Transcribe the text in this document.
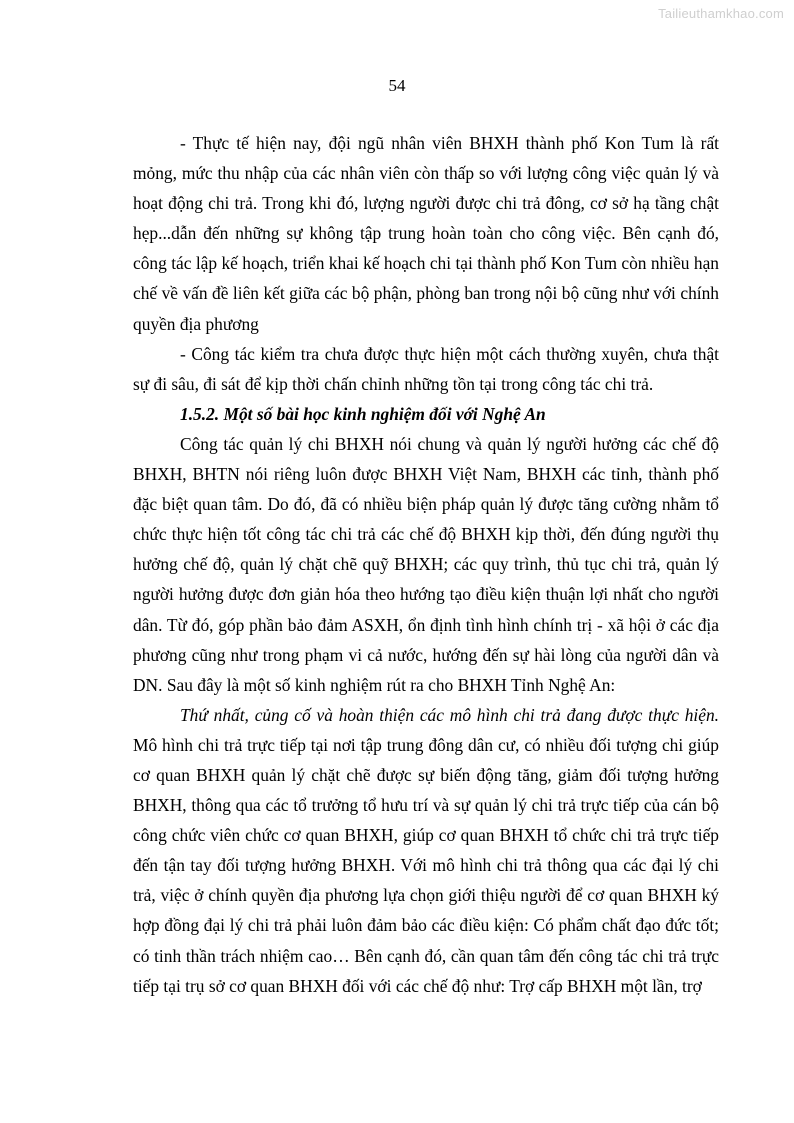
Tailieuthamkhao.com
54

- Thực tế hiện nay, đội ngũ nhân viên BHXH thành phố Kon Tum là rất mỏng, mức thu nhập của các nhân viên còn thấp so với lượng công việc quản lý và hoạt động chi trả. Trong khi đó, lượng người được chi trả đông, cơ sở hạ tầng chật hẹp...dẫn đến những sự không tập trung hoàn toàn cho công việc. Bên cạnh đó, công tác lập kế hoạch, triển khai kế hoạch chi tại thành phố Kon Tum còn nhiều hạn chế về vấn đề liên kết giữa các bộ phận, phòng ban trong nội bộ cũng như với chính quyền địa phương

- Công tác kiểm tra chưa được thực hiện một cách thường xuyên, chưa thật sự đi sâu, đi sát để kịp thời chấn chỉnh những tồn tại trong công tác chi trả.

1.5.2. Một số bài học kinh nghiệm đối với Nghệ An

Công tác quản lý chi BHXH nói chung và quản lý người hưởng các chế độ BHXH, BHTN nói riêng luôn được BHXH Việt Nam, BHXH các tỉnh, thành phố đặc biệt quan tâm. Do đó, đã có nhiều biện pháp quản lý được tăng cường nhằm tổ chức thực hiện tốt công tác chi trả các chế độ BHXH kịp thời, đến đúng người thụ hưởng chế độ, quản lý chặt chẽ quỹ BHXH; các quy trình, thủ tục chi trả, quản lý người hưởng được đơn giản hóa theo hướng tạo điều kiện thuận lợi nhất cho người dân. Từ đó, góp phần bảo đảm ASXH, ổn định tình hình chính trị - xã hội ở các địa phương cũng như trong phạm vi cả nước, hướng đến sự hài lòng của người dân và DN. Sau đây là một số kinh nghiệm rút ra cho BHXH Tỉnh Nghệ An:

Thứ nhất, củng cố và hoàn thiện các mô hình chi trả đang được thực hiện. Mô hình chi trả trực tiếp tại nơi tập trung đông dân cư, có nhiều đối tượng chi giúp cơ quan BHXH quản lý chặt chẽ được sự biến động tăng, giảm đối tượng hưởng BHXH, thông qua các tổ trưởng tổ hưu trí và sự quản lý chi trả trực tiếp của cán bộ công chức viên chức cơ quan BHXH, giúp cơ quan BHXH tổ chức chi trả trực tiếp đến tận tay đối tượng hưởng BHXH. Với mô hình chi trả thông qua các đại lý chi trả, việc ở chính quyền địa phương lựa chọn giới thiệu người để cơ quan BHXH ký hợp đồng đại lý chi trả phải luôn đảm bảo các điều kiện: Có phẩm chất đạo đức tốt; có tinh thần trách nhiệm cao… Bên cạnh đó, cần quan tâm đến công tác chi trả trực tiếp tại trụ sở cơ quan BHXH đối với các chế độ như: Trợ cấp BHXH một lần, trợ
